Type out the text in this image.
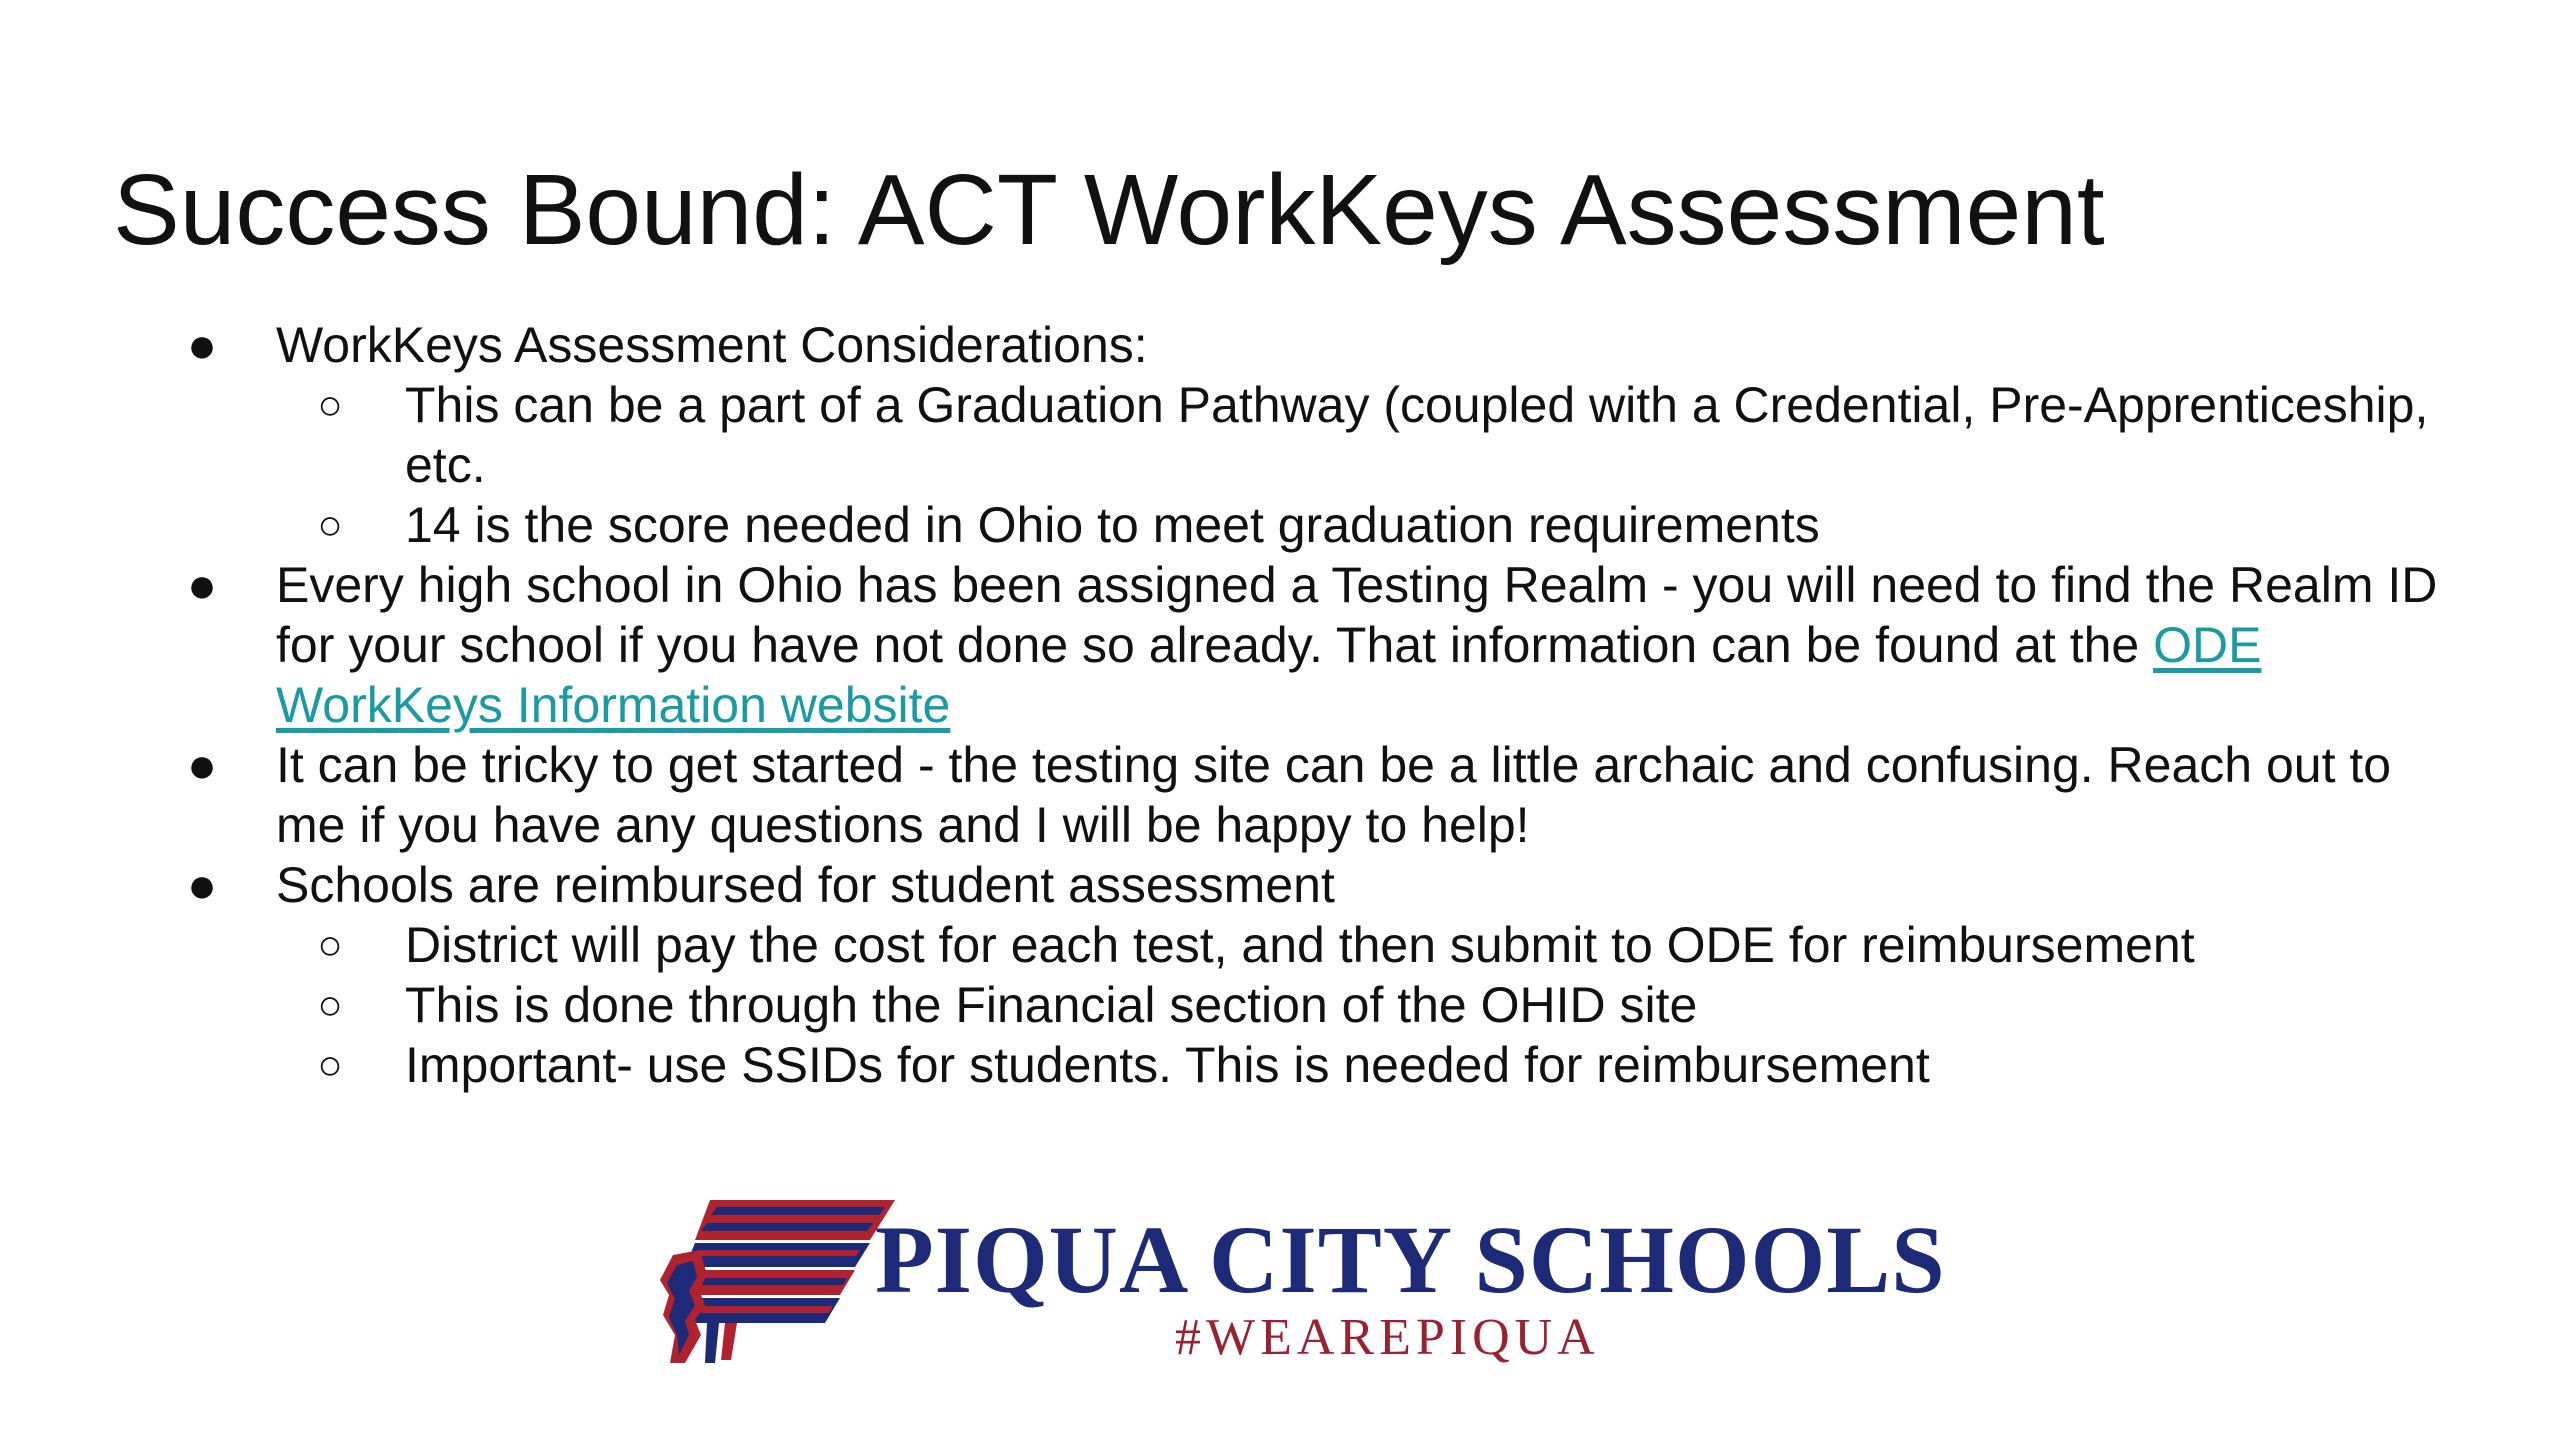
Success Bound: ACT WorkKeys Assessment
● WorkKeys Assessment Considerations:
○ This can be a part of a Graduation Pathway (coupled with a Credential, Pre-Apprenticeship, etc.
○ 14 is the score needed in Ohio to meet graduation requirements
● Every high school in Ohio has been assigned a Testing Realm - you will need to find the Realm ID for your school if you have not done so already. That information can be found at the ODE WorkKeys Information website
● It can be tricky to get started - the testing site can be a little archaic and confusing. Reach out to me if you have any questions and I will be happy to help!
● Schools are reimbursed for student assessment
○ District will pay the cost for each test, and then submit to ODE for reimbursement
○ This is done through the Financial section of the OHID site
○ Important- use SSIDs for students. This is needed for reimbursement
PIQUA CITY SCHOOLS
#WEAREPIQUA
